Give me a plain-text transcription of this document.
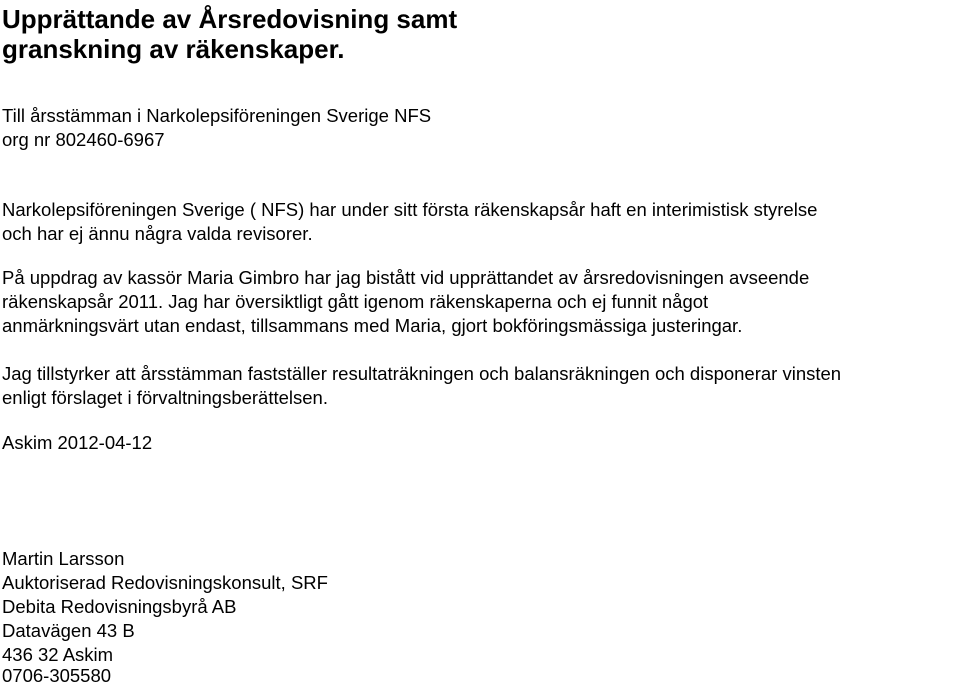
Upprättande av Årsredovisning samt
granskning av räkenskaper.

Till årsstämman i Narkolepsiföreningen Sverige NFS

org nr 802460-6967

Narkolepsiföreningen Sverige ( NFS) har under sitt första räkenskapsår haft en interimistisk styrelse

och har ej ännu några valda revisorer.

På uppdrag av kassör Maria Gimbro har jag bistått vid upprättandet av årsredovisningen avseende

räkenskapsår 2011. Jag har översiktligt gått igenom räkenskaperna och ej funnit något

anmärkningsvärt utan endast, tillsammans med Maria, gjort bokföringsmässiga justeringar.

Jag tillstyrker att årsstämman fastställer resultaträkningen och balansräkningen och disponerar vinsten

enligt förslaget i förvaltningsberättelsen.

Askim 2012-04-12

Martin Larsson

Auktoriserad Redovisningskonsult, SRF

Debita Redovisningsbyrå AB

Datavägen 43 B

436 32 Askim

0706-305580
